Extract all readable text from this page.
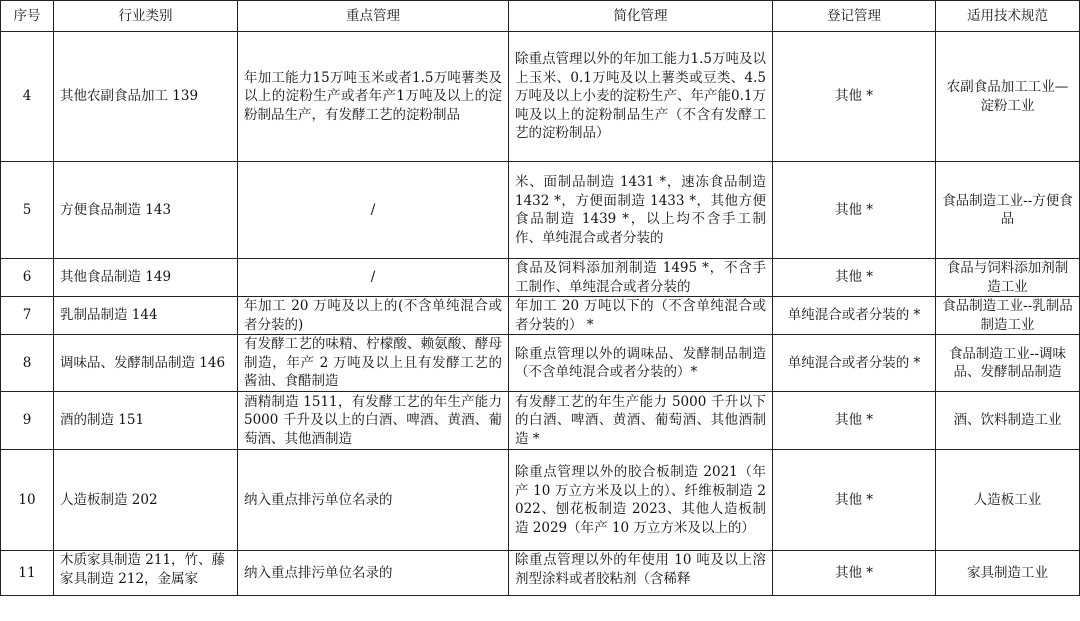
序号	行业类别	重点管理	简化管理	登记管理	适用技术规范
4	其他农副食品加工 139	年加工能力15万吨玉米或者1.5万吨薯类及以上的淀粉生产或者年产1万吨及以上的淀粉制品生产，有发酵工艺的淀粉制品	除重点管理以外的年加工能力1.5万吨及以上玉米、0.1万吨及以上薯类或豆类、4.5万吨及以上小麦的淀粉生产、年产能0.1万吨及以上的淀粉制品生产（不含有发酵工艺的淀粉制品）	其他 *	农副食品加工工业—淀粉工业
5	方便食品制造 143	/	米、面制品制造 1431 *，速冻食品制造 1432 *，方便面制造 1433 *，其他方便食品制造 1439 *，以上均不含手工制作、单纯混合或者分装的	其他 *	食品制造工业--方便食品
6	其他食品制造 149	/	食品及饲料添加剂制造 1495 *，不含手工制作、单纯混合或者分装的	其他 *	食品与饲料添加剂制造工业
7	乳制品制造 144	年加工 20 万吨及以上的(不含单纯混合或者分装的)	年加工 20 万吨以下的（不含单纯混合或者分装的） *	单纯混合或者分装的 *	食品制造工业--乳制品制造工业
8	调味品、发酵制品制造 146	有发酵工艺的味精、柠檬酸、赖氨酸、酵母制造，年产 2 万吨及以上且有发酵工艺的酱油、食醋制造	除重点管理以外的调味品、发酵制品制造（不含单纯混合或者分装的）*	单纯混合或者分装的 *	食品制造工业--调味品、发酵制品制造
9	酒的制造 151	酒精制造 1511，有发酵工艺的年生产能力 5000 千升及以上的白酒、啤酒、黄酒、葡萄酒、其他酒制造	有发酵工艺的年生产能力 5000 千升以下的白酒、啤酒、黄酒、葡萄酒、其他酒制造 *	其他 *	酒、饮料制造工业
10	人造板制造 202	纳入重点排污单位名录的	除重点管理以外的胶合板制造 2021（年产 10 万立方米及以上的）、纤维板制造 2022、刨花板制造 2023、其他人造板制造 2029（年产 10 万立方米及以上的）	其他 *	人造板工业
11	木质家具制造 211，竹、藤家具制造 212，金属家	纳入重点排污单位名录的	除重点管理以外的年使用 10 吨及以上溶剂型涂料或者胶粘剂（含稀释	其他 *	家具制造工业
